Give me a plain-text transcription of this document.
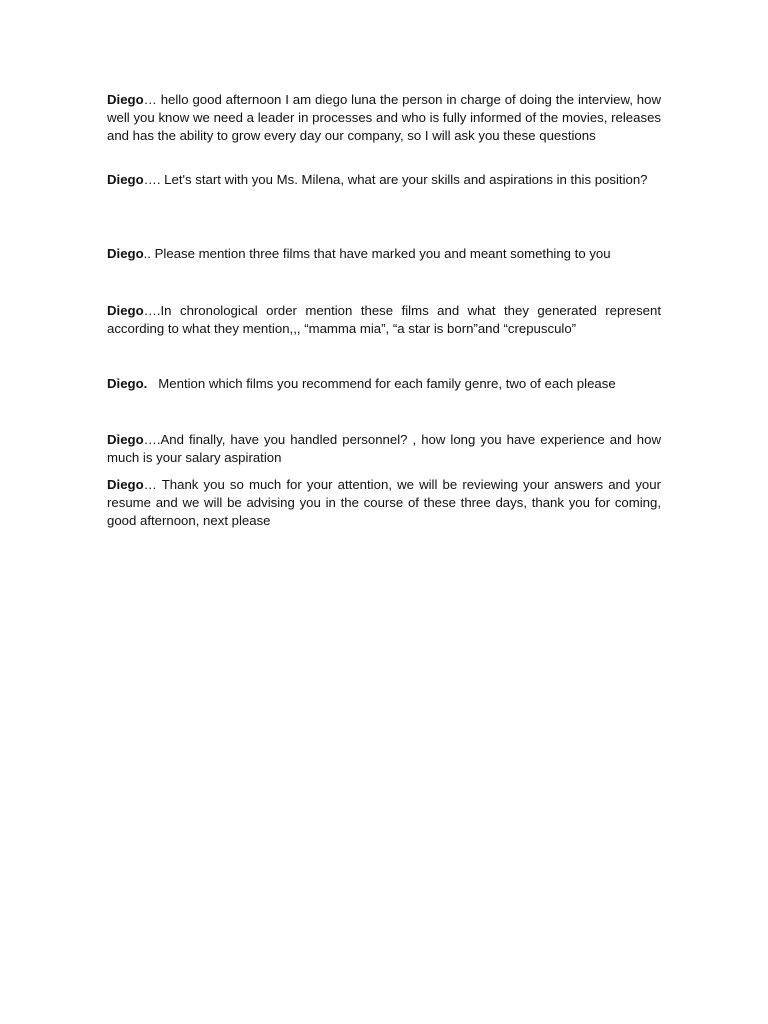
Diego… hello good afternoon I am diego luna the person in charge of doing the interview, how well you know we need a leader in processes and who is fully informed of the movies, releases and has the ability to grow every day our company, so I will ask you these questions

Diego…. Let's start with you Ms. Milena, what are your skills and aspirations in this position?

Diego.. Please mention three films that have marked you and meant something to you

Diego….In chronological order mention these films and what they generated represent according to what they mention,,, “mamma mia”, “a star is born”and “crepusculo”

Diego.   Mention which films you recommend for each family genre, two of each please

Diego….And finally, have you handled personnel? , how long you have experience and how much is your salary aspiration

Diego… Thank you so much for your attention, we will be reviewing your answers and your resume and we will be advising you in the course of these three days, thank you for coming, good afternoon, next please
